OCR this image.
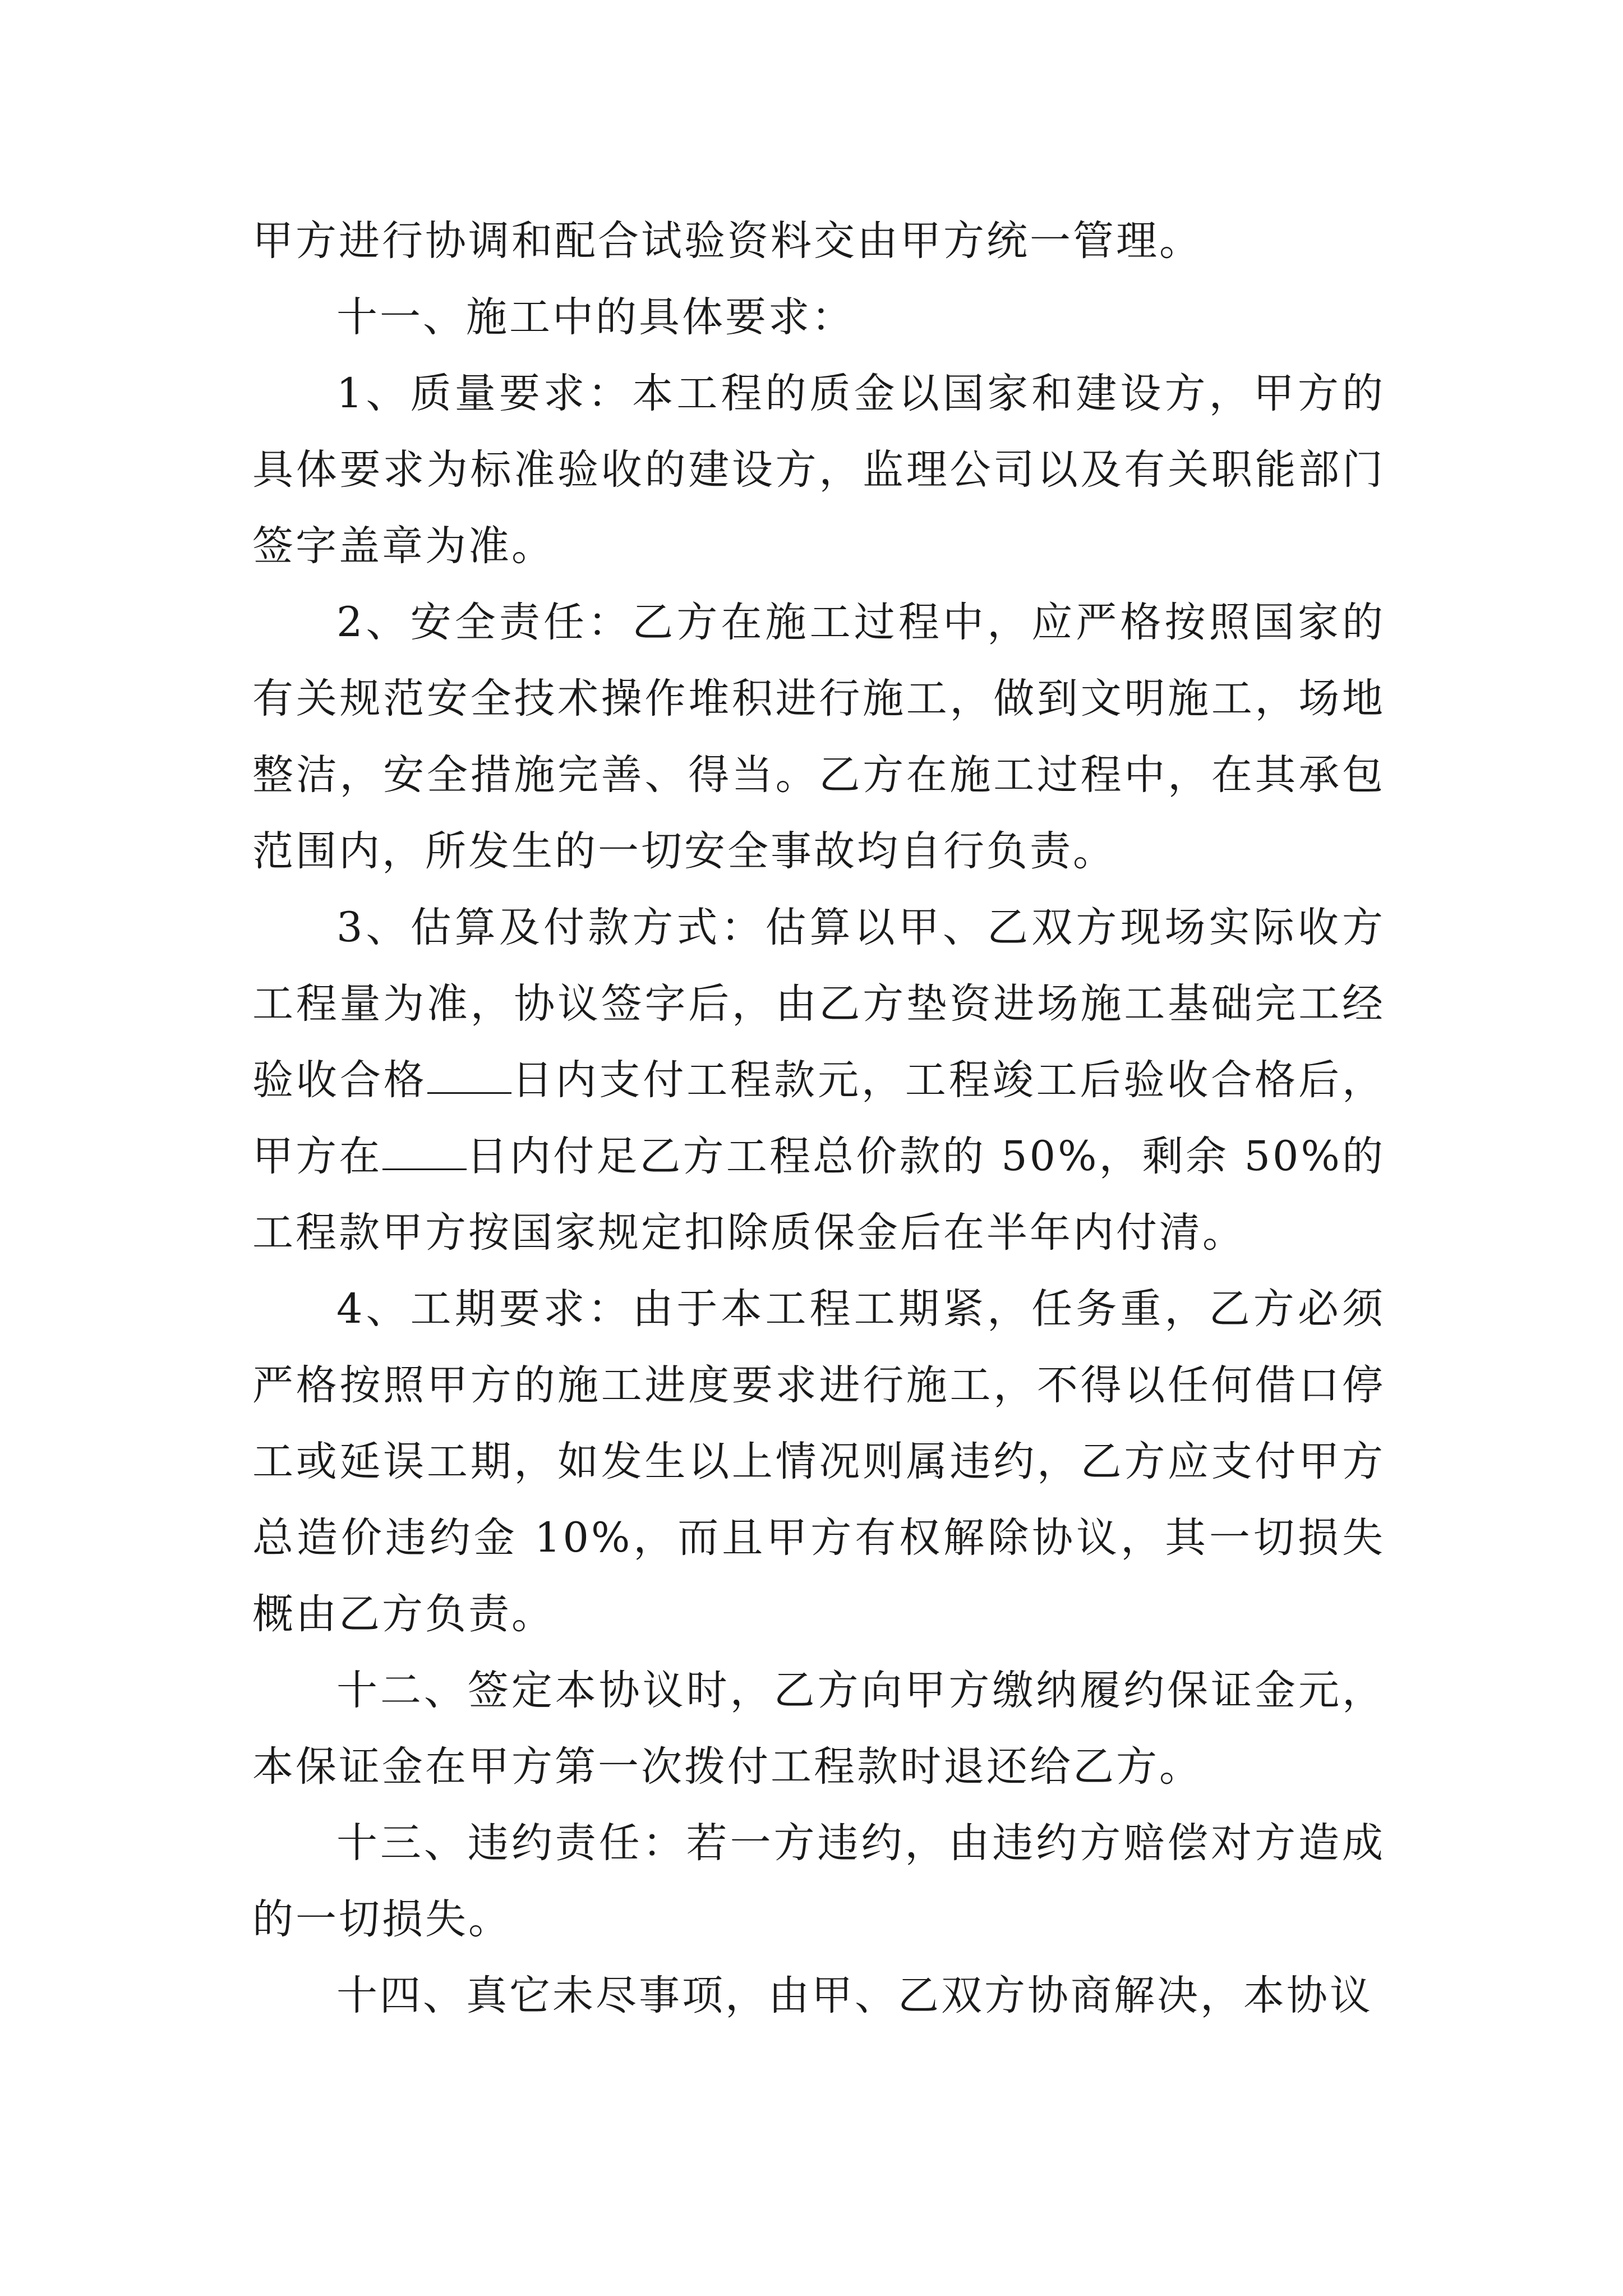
甲方进行协调和配合试验资料交由甲方统一管理。

十一、施工中的具体要求：

1、质量要求：本工程的质金以国家和建设方，甲方的具体要求为标准验收的建设方，监理公司以及有关职能部门签字盖章为准。

2、安全责任：乙方在施工过程中，应严格按照国家的有关规范安全技术操作堆积进行施工，做到文明施工，场地整洁，安全措施完善、得当。乙方在施工过程中，在其承包范围内，所发生的一切安全事故均自行负责。

3、估算及付款方式：估算以甲、乙双方现场实际收方工程量为准，协议签字后，由乙方垫资进场施工基础完工经验收合格 日内支付工程款元，工程竣工后验收合格后，甲方在 日内付足乙方工程总价款的 50%，剩余 50%的工程款甲方按国家规定扣除质保金后在半年内付清。

4、工期要求：由于本工程工期紧，任务重，乙方必须严格按照甲方的施工进度要求进行施工，不得以任何借口停工或延误工期，如发生以上情况则属违约，乙方应支付甲方总造价违约金 10%，而且甲方有权解除协议，其一切损失概由乙方负责。

十二、签定本协议时，乙方向甲方缴纳履约保证金元，本保证金在甲方第一次拨付工程款时退还给乙方。

十三、违约责任：若一方违约，由违约方赔偿对方造成的一切损失。

十四、真它未尽事项，由甲、乙双方协商解决，本协议
